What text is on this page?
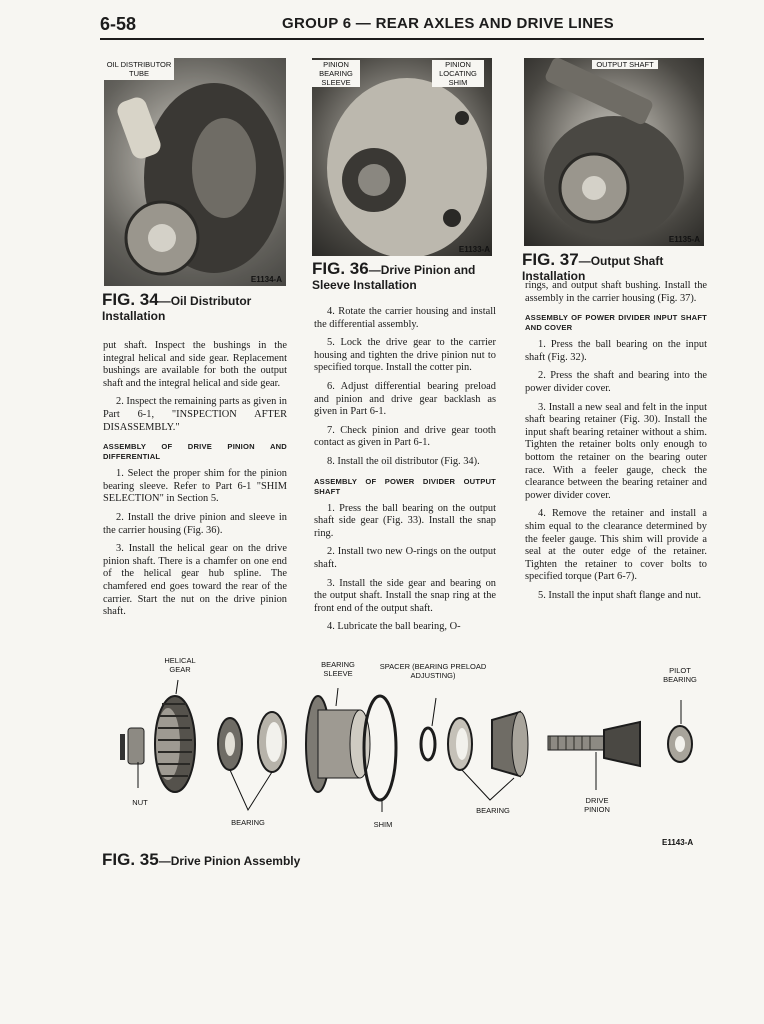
6-58	GROUP 6 — REAR AXLES AND DRIVE LINES
OIL DISTRIBUTOR TUBE
E1134-A
FIG. 34—Oil Distributor Installation
PINION BEARING SLEEVE
PINION LOCATING SHIM
E1133-A
FIG. 36—Drive Pinion and Sleeve Installation
OUTPUT SHAFT
E1135-A
FIG. 37—Output Shaft Installation

put shaft. Inspect the bushings in the integral helical and side gear. Replacement bushings are available for both the output shaft and the integral helical and side gear.

2. Inspect the remaining parts as given in Part 6-1, "INSPECTION AFTER DISASSEMBLY."

ASSEMBLY OF DRIVE PINION AND DIFFERENTIAL

1. Select the proper shim for the pinion bearing sleeve. Refer to Part 6-1 "SHIM SELECTION" in Section 5.

2. Install the drive pinion and sleeve in the carrier housing (Fig. 36).

3. Install the helical gear on the drive pinion shaft. There is a chamfer on one end of the helical gear hub spline. The chamfered end goes toward the rear of the carrier. Start the nut on the drive pinion shaft.

4. Rotate the carrier housing and install the differential assembly.

5. Lock the drive gear to the carrier housing and tighten the drive pinion nut to specified torque. Install the cotter pin.

6. Adjust differential bearing preload and pinion and drive gear backlash as given in Part 6-1.

7. Check pinion and drive gear tooth contact as given in Part 6-1.

8. Install the oil distributor (Fig. 34).

ASSEMBLY OF POWER DIVIDER OUTPUT SHAFT

1. Press the ball bearing on the output shaft side gear (Fig. 33). Install the snap ring.

2. Install two new O-rings on the output shaft.

3. Install the side gear and bearing on the output shaft. Install the snap ring at the front end of the output shaft.

4. Lubricate the ball bearing, O-

rings, and output shaft bushing. Install the assembly in the carrier housing (Fig. 37).

ASSEMBLY OF POWER DIVIDER INPUT SHAFT AND COVER

1. Press the ball bearing on the input shaft (Fig. 32).

2. Press the shaft and bearing into the power divider cover.

3. Install a new seal and felt in the input shaft bearing retainer (Fig. 30). Install the input shaft bearing retainer without a shim. Tighten the retainer bolts only enough to bottom the retainer on the bearing outer race. With a feeler gauge, check the clearance between the bearing retainer and power divider cover.

4. Remove the retainer and install a shim equal to the clearance determined by the feeler gauge. This shim will provide a seal at the outer edge of the retainer. Tighten the retainer to cover bolts to specified torque (Part 6-7).

5. Install the input shaft flange and nut.

HELICAL GEAR
BEARING SLEEVE
SPACER (BEARING PRELOAD ADJUSTING)
PILOT BEARING
NUT
BEARING	SHIM
BEARING
DRIVE PINION
E1143-A
FIG. 35—Drive Pinion Assembly
